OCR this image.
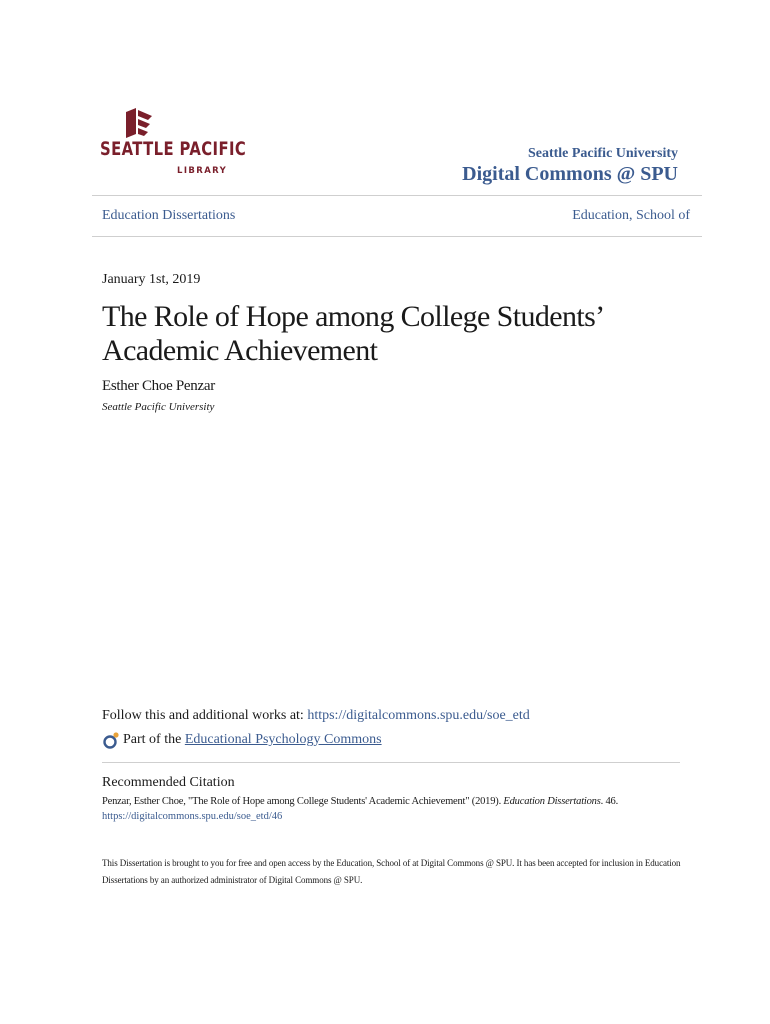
SEATTLE PACIFIC
LIBRARY
Seattle Pacific University
Digital Commons @ SPU
Education Dissertations	Education, School of
January 1st, 2019
The Role of Hope among College Students’ Academic Achievement
Esther Choe Penzar
Seattle Pacific University
Follow this and additional works at: https://digitalcommons.spu.edu/soe_etd
Part of the
Educational Psychology Commons
Recommended Citation
Penzar, Esther Choe, "The Role of Hope among College Students' Academic Achievement" (2019). Education Dissertations. 46.
https://digitalcommons.spu.edu/soe_etd/46
This Dissertation is brought to you for free and open access by the Education, School of at Digital Commons @ SPU. It has been accepted for inclusion in Education Dissertations by an authorized administrator of Digital Commons @ SPU.
